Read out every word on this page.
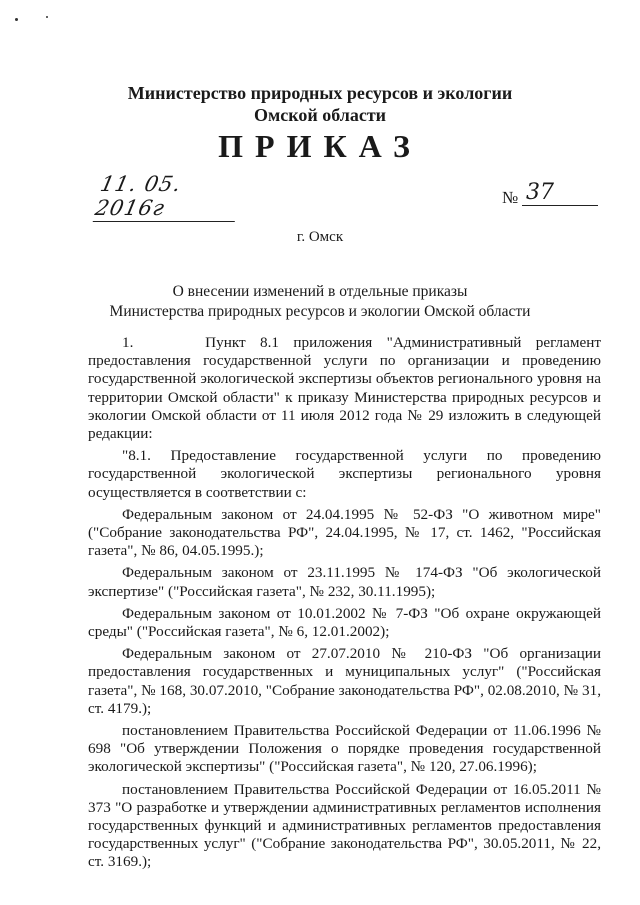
Министерство природных ресурсов и экологии
Омской области
ПРИКАЗ
11. 05. 2016г	№ 37
г. Омск
О внесении изменений в отдельные приказы
Министерства природных ресурсов и экологии Омской области

1.     Пункт 8.1 приложения "Административный регламент предоставления государственной услуги по организации и проведению государственной экологической экспертизы объектов регионального уровня на территории Омской области" к приказу Министерства природных ресурсов и экологии Омской области от 11 июля 2012 года № 29 изложить в следующей редакции:

"8.1. Предоставление государственной услуги по проведению государственной экологической экспертизы регионального уровня осуществляется в соответствии с:

Федеральным законом от 24.04.1995 № 52-ФЗ "О животном мире" ("Собрание законодательства РФ", 24.04.1995, № 17, ст. 1462, "Российская газета", № 86, 04.05.1995.);

Федеральным законом от 23.11.1995 № 174-ФЗ "Об экологической экспертизе" ("Российская газета", № 232, 30.11.1995);

Федеральным законом от 10.01.2002 № 7-ФЗ "Об охране окружающей среды" ("Российская газета", № 6, 12.01.2002);

Федеральным законом от 27.07.2010 № 210-ФЗ "Об организации предоставления государственных и муниципальных услуг" ("Российская газета", № 168, 30.07.2010, "Собрание законодательства РФ", 02.08.2010, № 31, ст. 4179.);

постановлением Правительства Российской Федерации от 11.06.1996 № 698 "Об утверждении Положения о порядке проведения государственной экологической экспертизы" ("Российская газета", № 120, 27.06.1996);

постановлением Правительства Российской Федерации от 16.05.2011 № 373 "О разработке и утверждении административных регламентов исполнения государственных функций и административных регламентов предоставления государственных услуг" ("Собрание законодательства РФ", 30.05.2011, № 22, ст. 3169.);
